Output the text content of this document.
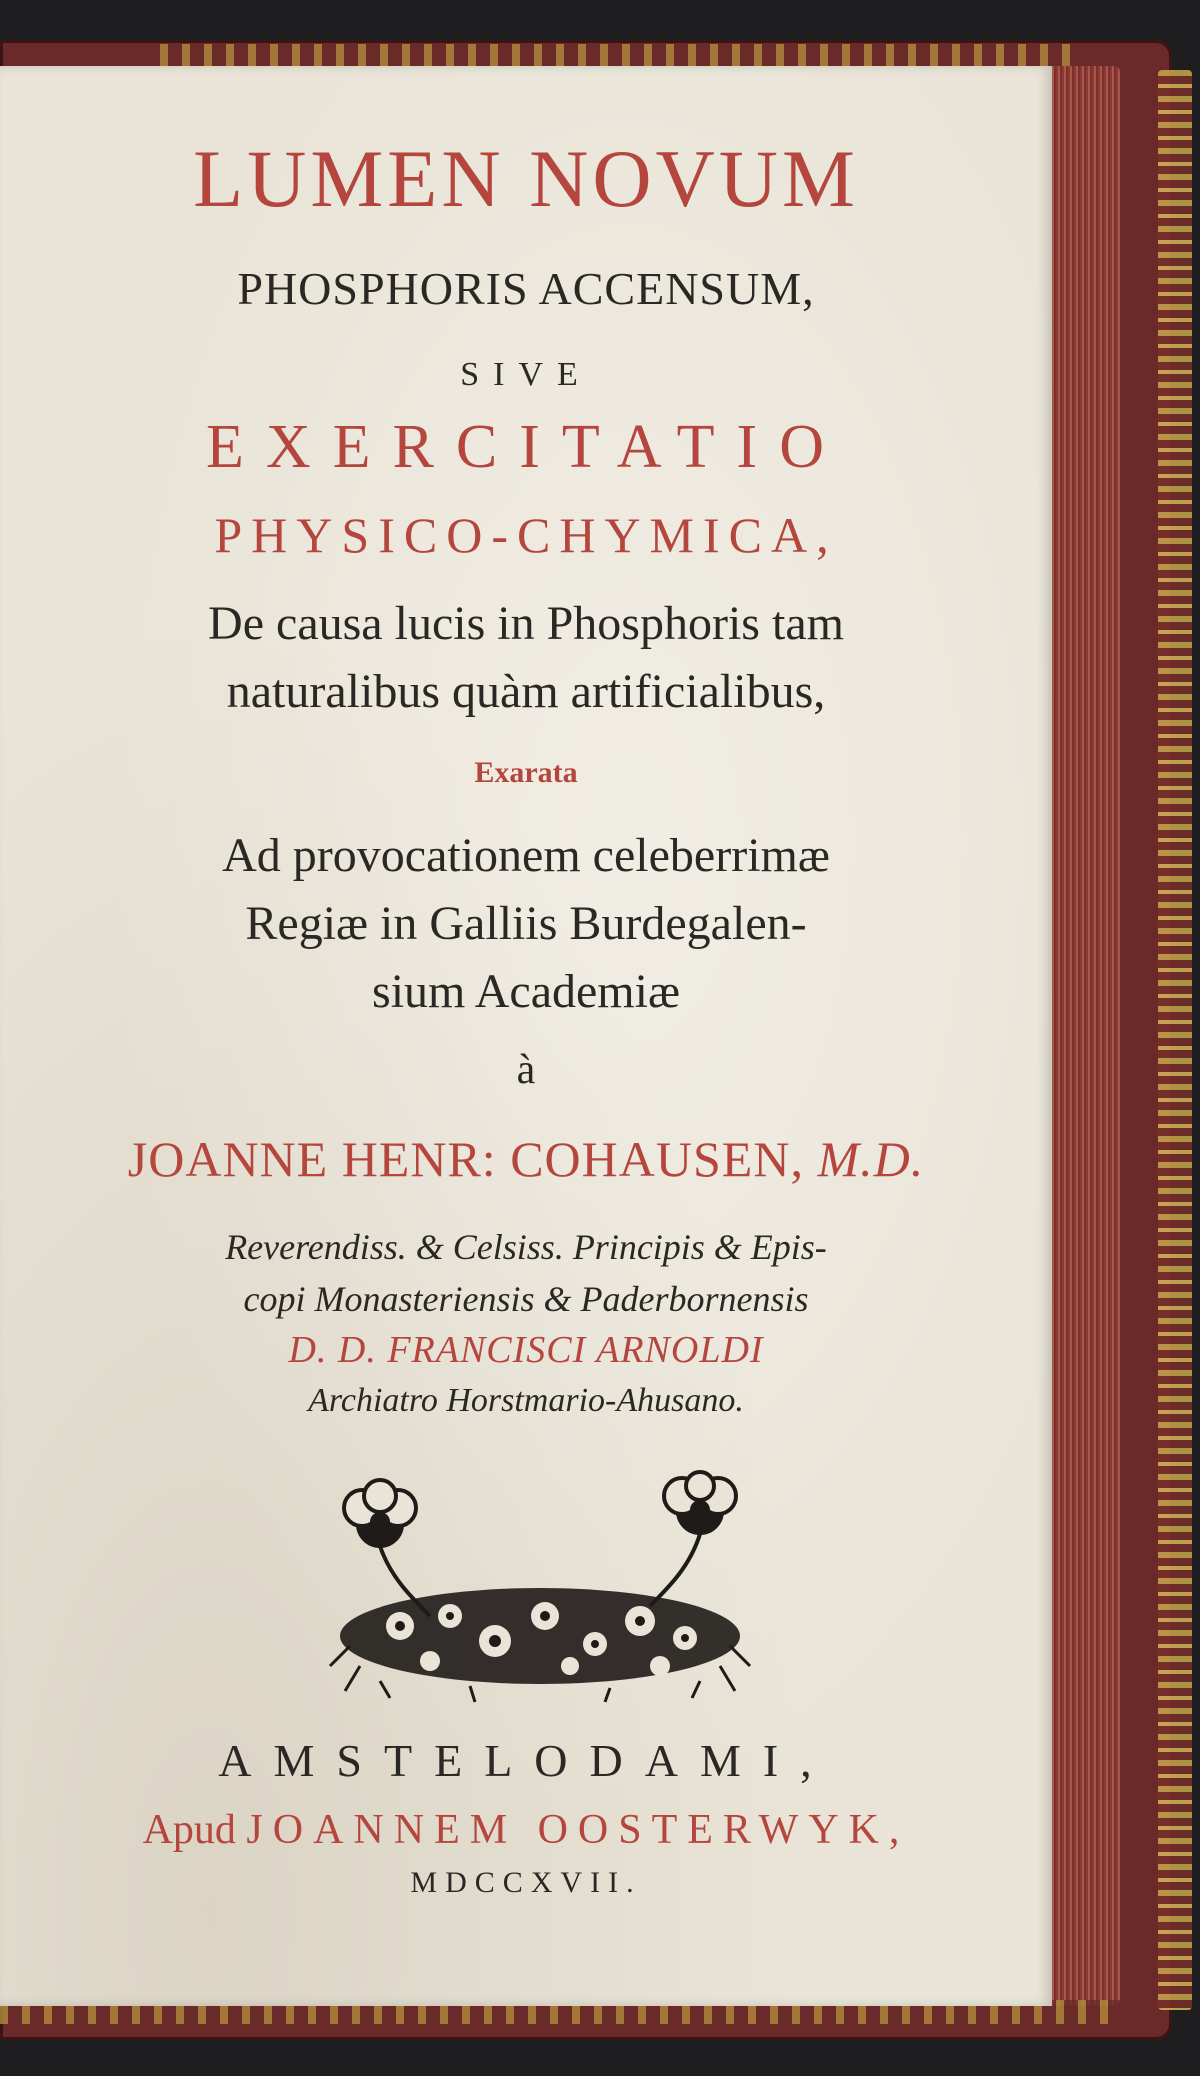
LUMEN NOVUM
PHOSPHORIS ACCENSUM,
SIVE
EXERCITATIO
PHYSICO-CHYMICA,
De causa lucis in Phosphoris tam
naturalibus quàm artificialibus,
Exarata
Ad provocationem celeberrimæ
Regiæ in Galliis Burdegalen-
sium Academiæ
à
JOANNE HENR: COHAUSEN, M.D.
Reverendiss. & Celsiss. Principis & Epis-
copi Monasteriensis & Paderbornensis
D. D. FRANCISCI ARNOLDI
Archiatro Horstmario-Ahusano.
AMSTELODAMI,
Apud JOANNEM OOSTERWYK,
MDCCXVII.
